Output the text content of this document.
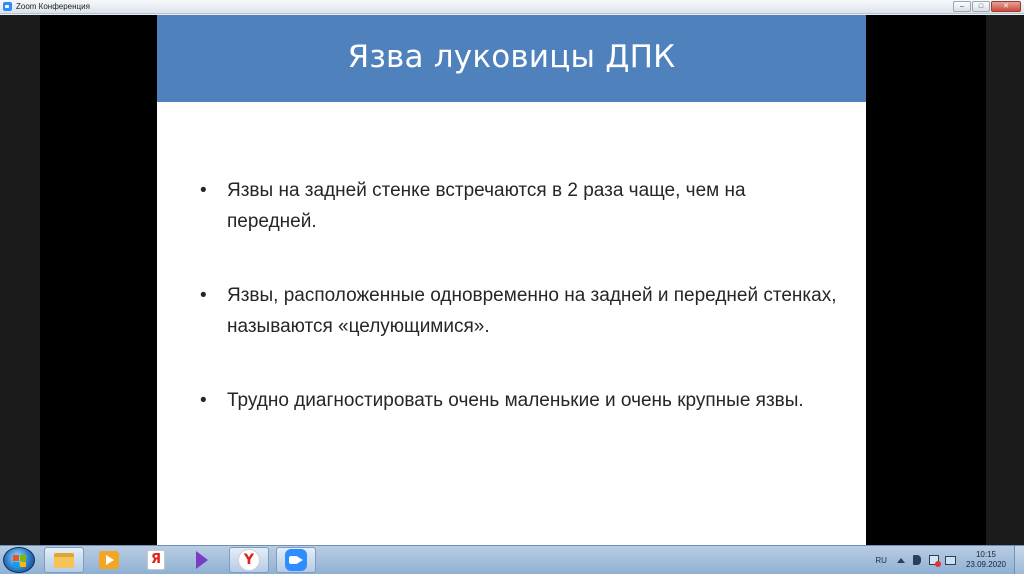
Zoom Конференция	–	□	✕
Язва луковицы ДПК
• Язвы на задней стенке встречаются в 2 раза чаще, чем на передней.
• Язвы, расположенные одновременно на задней и передней стенках, называются «целующимися».
• Трудно диагностировать очень маленькие и очень крупные язвы.
Я	Y	RU
10:15
23.09.2020
